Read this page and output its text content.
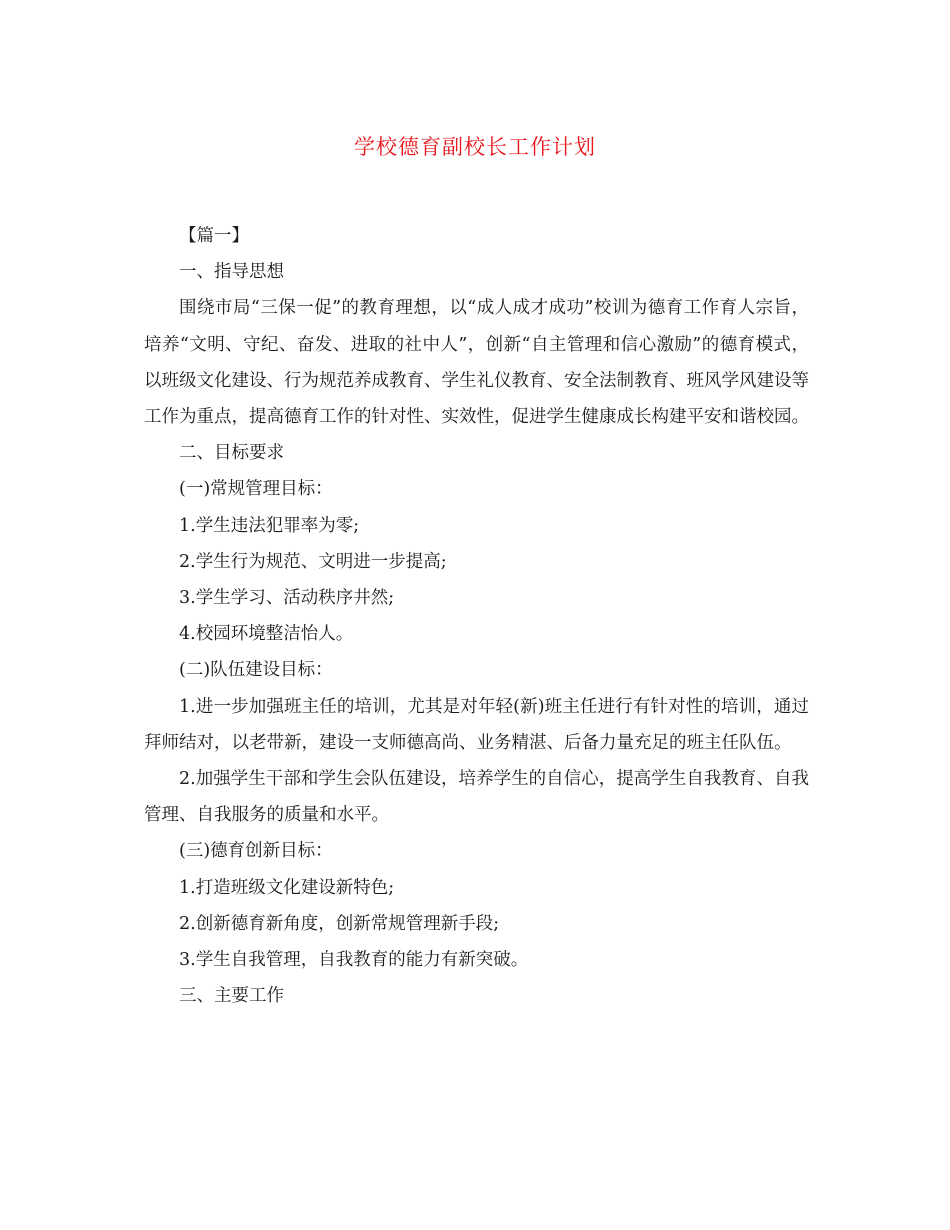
学校德育副校长工作计划

【篇一】

一、指导思想

围绕市局“三保一促”的教育理想，以“成人成才成功”校训为德育工作育人宗旨，培养“文明、守纪、奋发、进取的社中人”，创新“自主管理和信心激励”的德育模式，以班级文化建设、行为规范养成教育、学生礼仪教育、安全法制教育、班风学风建设等工作为重点，提高德育工作的针对性、实效性，促进学生健康成长构建平安和谐校园。

二、目标要求

(一)常规管理目标：

1.学生违法犯罪率为零;

2.学生行为规范、文明进一步提高;

3.学生学习、活动秩序井然;

4.校园环境整洁怡人。

(二)队伍建设目标：

1.进一步加强班主任的培训，尤其是对年轻(新)班主任进行有针对性的培训，通过拜师结对，以老带新，建设一支师德高尚、业务精湛、后备力量充足的班主任队伍。

2.加强学生干部和学生会队伍建设，培养学生的自信心，提高学生自我教育、自我管理、自我服务的质量和水平。

(三)德育创新目标：

1.打造班级文化建设新特色;

2.创新德育新角度，创新常规管理新手段;

3.学生自我管理，自我教育的能力有新突破。

三、主要工作
